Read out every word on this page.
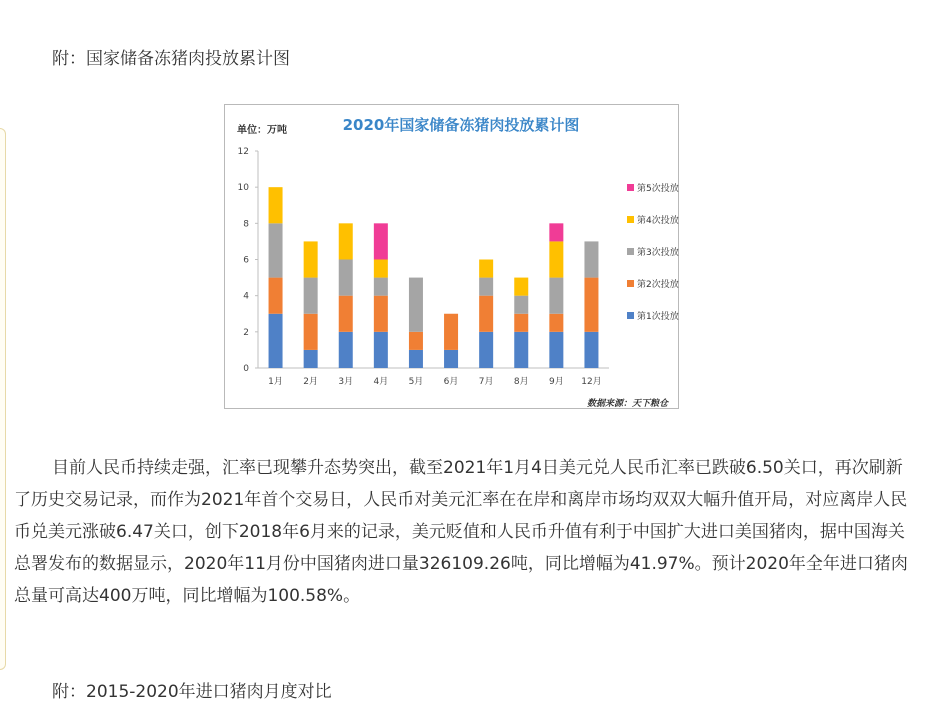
附：国家储备冻猪肉投放累计图
2020年国家储备冻猪肉投放累计图
单位：万吨
数据来源：天下粮仓
0
2
4
6
8
10
12
1月 2月 3月 4月 5月 6月 7月 8月 9月 12月
第5次投放
第4次投放
第3次投放
第2次投放
第1次投放
目前人民币持续走强，汇率已现攀升态势突出，截至2021年1月4日美元兑人民币汇率已跌破6.50关口，再次刷新了历史交易记录，而作为2021年首个交易日，人民币对美元汇率在在岸和离岸市场均双双大幅升值开局，对应离岸人民币兑美元涨破6.47关口，创下2018年6月来的记录，美元贬值和人民币升值有利于中国扩大进口美国猪肉，据中国海关总署发布的数据显示，2020年11月份中国猪肉进口量326109.26吨，同比增幅为41.97%。预计2020年全年进口猪肉总量可高达400万吨，同比增幅为100.58%。
附：2015-2020年进口猪肉月度对比
